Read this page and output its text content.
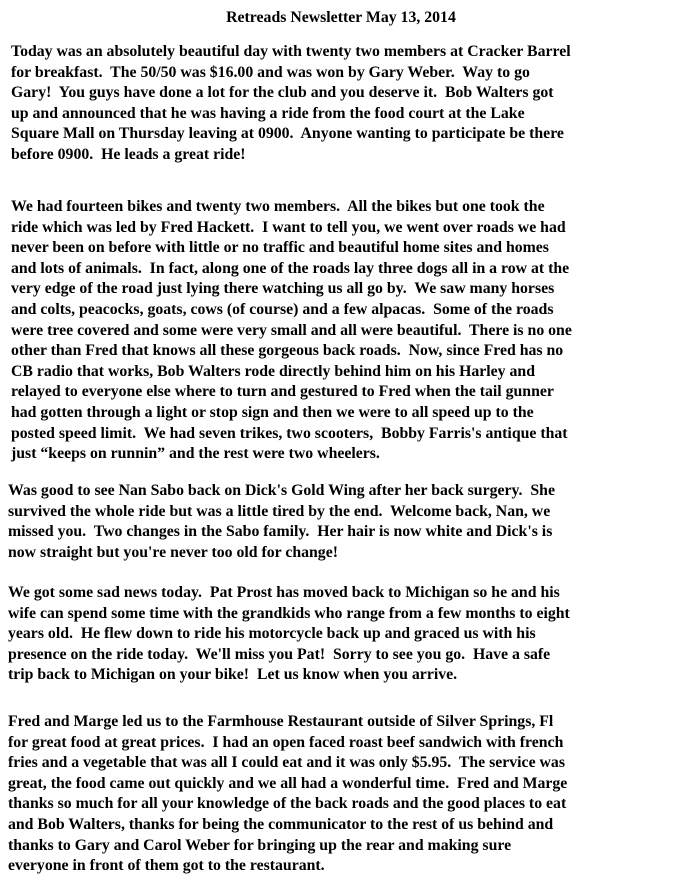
Retreads Newsletter May 13, 2014

Today was an absolutely beautiful day with twenty two members at Cracker Barrel
for breakfast.  The 50/50 was $16.00 and was won by Gary Weber.  Way to go
Gary!  You guys have done a lot for the club and you deserve it.  Bob Walters got
up and announced that he was having a ride from the food court at the Lake
Square Mall on Thursday leaving at 0900.  Anyone wanting to participate be there
before 0900.  He leads a great ride!

We had fourteen bikes and twenty two members.  All the bikes but one took the
ride which was led by Fred Hackett.  I want to tell you, we went over roads we had
never been on before with little or no traffic and beautiful home sites and homes
and lots of animals.  In fact, along one of the roads lay three dogs all in a row at the
very edge of the road just lying there watching us all go by.  We saw many horses
and colts, peacocks, goats, cows (of course) and a few alpacas.  Some of the roads
were tree covered and some were very small and all were beautiful.  There is no one
other than Fred that knows all these gorgeous back roads.  Now, since Fred has no
CB radio that works, Bob Walters rode directly behind him on his Harley and
relayed to everyone else where to turn and gestured to Fred when the tail gunner
had gotten through a light or stop sign and then we were to all speed up to the
posted speed limit.  We had seven trikes, two scooters,  Bobby Farris's antique that
just “keeps on runnin” and the rest were two wheelers.

Was good to see Nan Sabo back on Dick's Gold Wing after her back surgery.  She
survived the whole ride but was a little tired by the end.  Welcome back, Nan, we
missed you.  Two changes in the Sabo family.  Her hair is now white and Dick's is
now straight but you're never too old for change!

We got some sad news today.  Pat Prost has moved back to Michigan so he and his
wife can spend some time with the grandkids who range from a few months to eight
years old.  He flew down to ride his motorcycle back up and graced us with his
presence on the ride today.  We'll miss you Pat!  Sorry to see you go.  Have a safe
trip back to Michigan on your bike!  Let us know when you arrive.

Fred and Marge led us to the Farmhouse Restaurant outside of Silver Springs, Fl
for great food at great prices.  I had an open faced roast beef sandwich with french
fries and a vegetable that was all I could eat and it was only $5.95.  The service was
great, the food came out quickly and we all had a wonderful time.  Fred and Marge
thanks so much for all your knowledge of the back roads and the good places to eat
and Bob Walters, thanks for being the communicator to the rest of us behind and
thanks to Gary and Carol Weber for bringing up the rear and making sure
everyone in front of them got to the restaurant.
